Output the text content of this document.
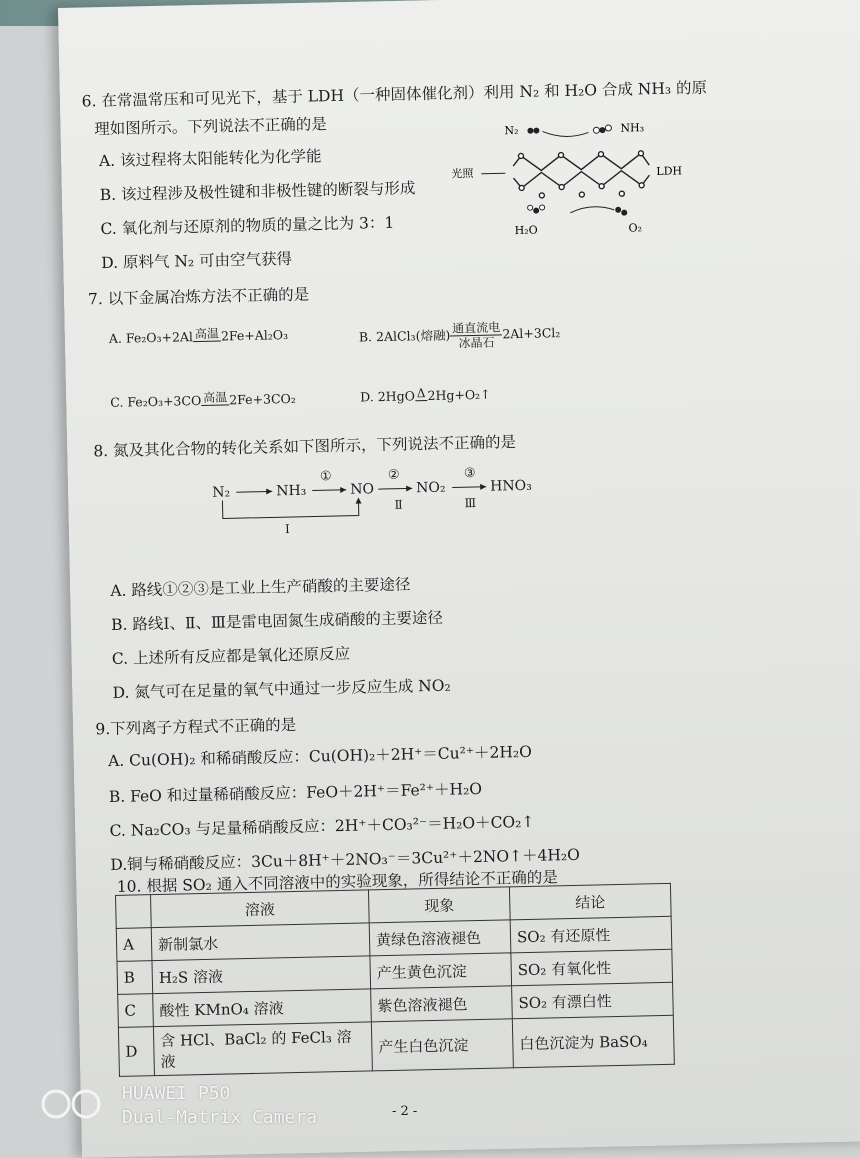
6. 在常温常压和可见光下，基于 LDH（一种固体催化剂）利用 N₂ 和 H₂O 合成 NH₃ 的原
理如图所示。下列说法不正确的是
A. 该过程将太阳能转化为化学能
B. 该过程涉及极性键和非极性键的断裂与形成
C. 氧化剂与还原剂的物质的量之比为 3：1
D. 原料气 N₂ 可由空气获得
N₂	NH₃
光照	LDH
H₂O	O₂
7. 以下金属冶炼方法不正确的是
A. Fe₂O₃+2Al 高温 2Fe+Al₂O₃	B. 2AlCl₃(熔融) $\frac{\text{通直流电}}{\text{冰晶石}} 2Al+3Cl_2$
C. Fe₂O₃+3CO 高温 2Fe+3CO₂	D. 2HgO Δ 2Hg+O₂↑
8. 氮及其化合物的转化关系如下图所示，下列说法不正确的是
N₂	NH₃
①
NO
②
Ⅱ
NO₂
③
Ⅲ
HNO₃
Ⅰ
A. 路线①②③是工业上生产硝酸的主要途径
B. 路线Ⅰ、Ⅱ、Ⅲ是雷电固氮生成硝酸的主要途径
C. 上述所有反应都是氧化还原反应
D. 氮气可在足量的氧气中通过一步反应生成 NO₂
9.下列离子方程式不正确的是
A. Cu(OH)₂ 和稀硝酸反应：Cu(OH)₂＋2H⁺＝Cu²⁺＋2H₂O
B. FeO 和过量稀硝酸反应：FeO＋2H⁺＝Fe²⁺＋H₂O
C. Na₂CO₃ 与足量稀硝酸反应：2H⁺＋CO₃²⁻＝H₂O＋CO₂↑
D.铜与稀硝酸反应：3Cu＋8H⁺＋2NO₃⁻＝3Cu²⁺＋2NO↑＋4H₂O
10. 根据 SO₂ 通入不同溶液中的实验现象，所得结论不正确的是
	溶液	现象	结论
A	新制氯水	黄绿色溶液褪色	SO₂ 有还原性
B	H₂S 溶液	产生黄色沉淀	SO₂ 有氧化性
C	酸性 KMnO₄ 溶液	紫色溶液褪色	SO₂ 有漂白性
D	含 HCl、BaCl₂ 的 FeCl₃ 溶液	产生白色沉淀	白色沉淀为 BaSO₄
- 2 -
HUAWEI P50
Dual-Matrix Camera
